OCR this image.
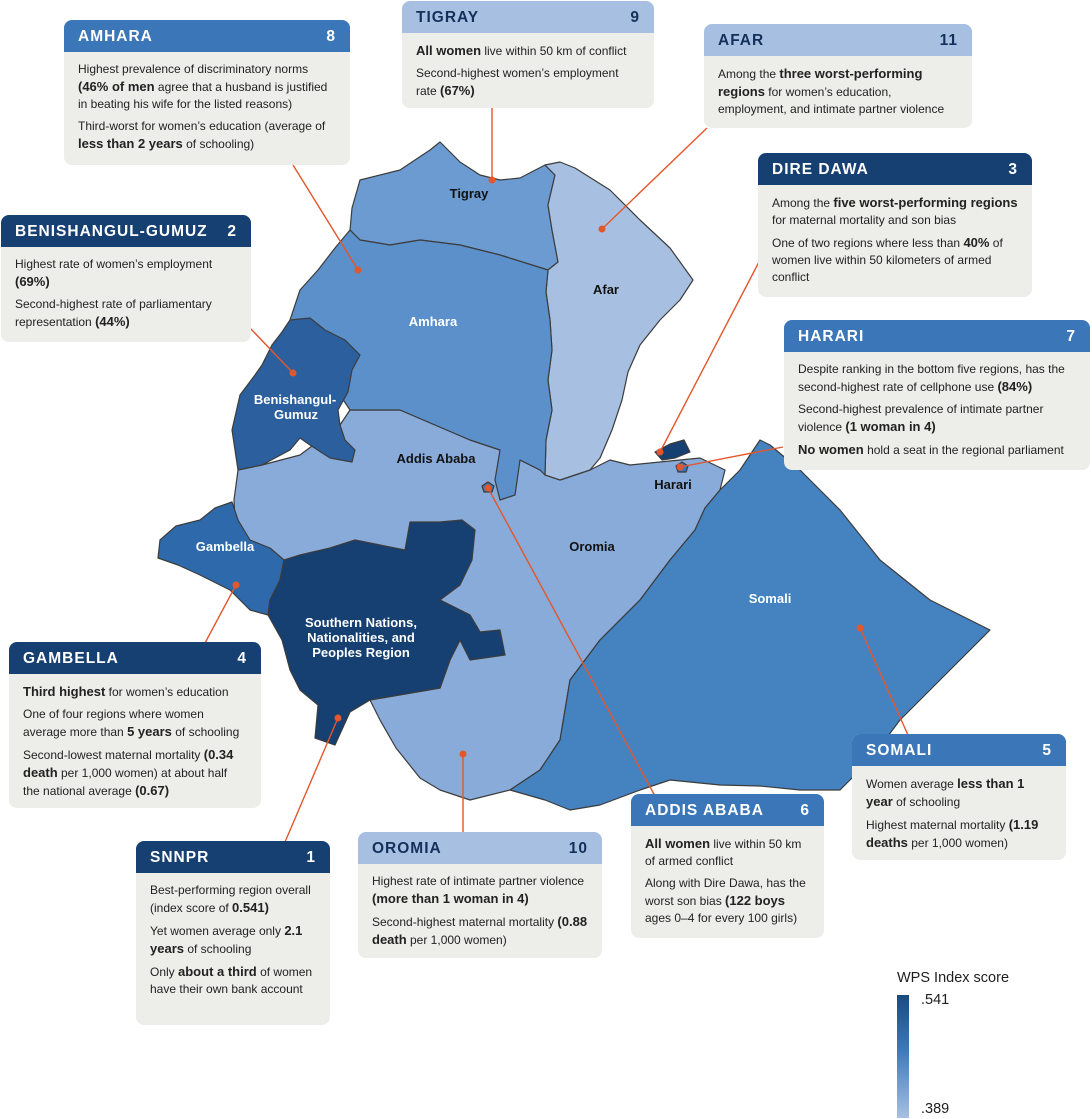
Tigray
Afar
Amhara
Benishangul-
Gumuz
Dire
Dawa
Addis Ababa
Harari
Oromia
Gambella
Somali
Southern Nations,
Nationalities, and
Peoples Region
AMHARA	8

Highest prevalence of discriminatory norms (46% of men agree that a husband is justified in beating his wife for the listed reasons)

Third-worst for women’s education (average of less than 2 years of schooling)

TIGRAY	9

All women live within 50 km of conflict

Second-highest women’s employment rate (67%)

AFAR	11

Among the three worst-performing regions for women’s education, employment, and intimate partner violence

DIRE DAWA	3

Among the five worst-performing regions for maternal mortality and son bias

One of two regions where less than 40% of women live within 50 kilometers of armed conflict

BENISHANGUL-GUMUZ 2

Highest rate of women’s employment (69%)

Second-highest rate of parliamentary representation (44%)

HARARI	7

Despite ranking in the bottom five regions, has the second-highest rate of cellphone use (84%)

Second-highest prevalence of intimate partner violence (1 woman in 4)

No women hold a seat in the regional parliament

GAMBELLA	4

Third highest for women’s education

One of four regions where women average more than 5 years of schooling

Second-lowest maternal mortality (0.34 death per 1,000 women) at about half the national average (0.67)

SOMALI	5

Women average less than 1 year of schooling

Highest maternal mortality (1.19 deaths per 1,000 women)

ADDIS ABABA 6

All women live within 50 km of armed conflict

Along with Dire Dawa, has the worst son bias (122 boys ages 0–4 for every 100 girls)

OROMIA	10

Highest rate of intimate partner violence (more than 1 woman in 4)

Second-highest maternal mortality (0.88 death per 1,000 women)

SNNPR	1

Best-performing region overall (index score of 0.541)

Yet women average only 2.1 years of schooling

Only about a third of women have their own bank account

WPS Index score
.541
.389
